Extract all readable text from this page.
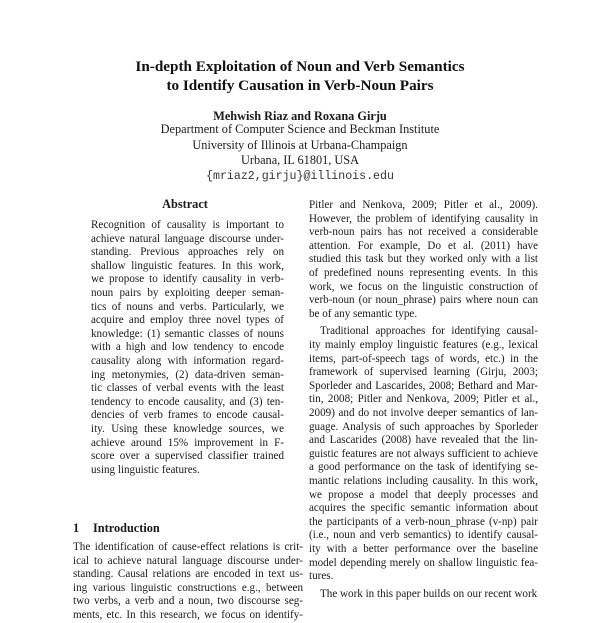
In-depth Exploitation of Noun and Verb Semantics
to Identify Causation in Verb-Noun Pairs
Mehwish Riaz and Roxana Girju
Department of Computer Science and Beckman Institute
University of Illinois at Urbana-Champaign
Urbana, IL 61801, USA
{mriaz2,girju}@illinois.edu
Abstract
Recognition of causality is important to
achieve natural language discourse under-
standing. Previous approaches rely on
shallow linguistic features. In this work,
we propose to identify causality in verb-
noun pairs by exploiting deeper seman-
tics of nouns and verbs. Particularly, we
acquire and employ three novel types of
knowledge: (1) semantic classes of nouns
with a high and low tendency to encode
causality along with information regard-
ing metonymies, (2) data-driven seman-
tic classes of verbal events with the least
tendency to encode causality, and (3) ten-
dencies of verb frames to encode causal-
ity. Using these knowledge sources, we
achieve around 15% improvement in F-
score over a supervised classifier trained
using linguistic features.
1 Introduction
The identification of cause-effect relations is crit-
ical to achieve natural language discourse under-
standing. Causal relations are encoded in text us-
ing various linguistic constructions e.g., between
two verbs, a verb and a noun, two discourse seg-
ments, etc. In this research, we focus on identify-
Pitler and Nenkova, 2009; Pitler et al., 2009).
However, the problem of identifying causality in
verb-noun pairs has not received a considerable
attention. For example, Do et al. (2011) have
studied this task but they worked only with a list
of predefined nouns representing events. In this
work, we focus on the linguistic construction of
verb-noun (or noun_phrase) pairs where noun can
be of any semantic type.
Traditional approaches for identifying causal-
ity mainly employ linguistic features (e.g., lexical
items, part-of-speech tags of words, etc.) in the
framework of supervised learning (Girju, 2003;
Sporleder and Lascarides, 2008; Bethard and Mar-
tin, 2008; Pitler and Nenkova, 2009; Pitler et al.,
2009) and do not involve deeper semantics of lan-
guage. Analysis of such approaches by Sporleder
and Lascarides (2008) have revealed that the lin-
guistic features are not always sufficient to achieve
a good performance on the task of identifying se-
mantic relations including causality. In this work,
we propose a model that deeply processes and
acquires the specific semantic information about
the participants of a verb-noun_phrase (v-np) pair
(i.e., noun and verb semantics) to identify causal-
ity with a better performance over the baseline
model depending merely on shallow linguistic fea-
tures.
The work in this paper builds on our recent work
